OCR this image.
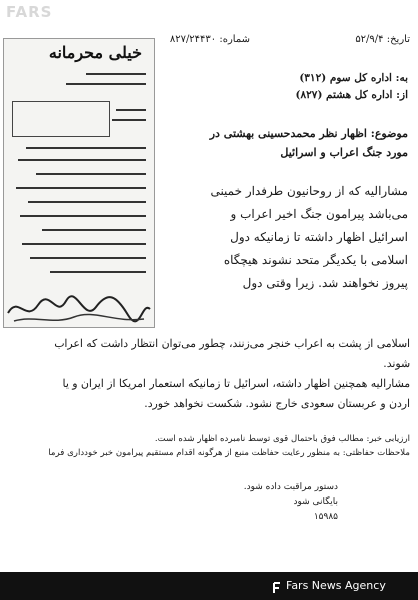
FARS
تاریخ: ۵۲/۹/۴
شماره: ۸۲۷/۲۴۴۳۰
به: اداره کل سوم (۳۱۲)
از: اداره کل هشتم (۸۲۷)
موضوع: اظهار نظر محمدحسینی بهشتی در
مورد جنگ اعراب و اسرائیل
مشارالیه که از روحانیون طرفدار خمینی
می‌باشد پیرامون جنگ اخیر اعراب و
اسرائیل اظهار داشته تا زمانیکه دول
اسلامی با یکدیگر متحد نشوند هیچگاه
پیروز نخواهند شد. زیرا وقتی دول
اسلامی از پشت به اعراب خنجر می‌زنند، چطور می‌توان انتظار داشت که اعراب
شوند.
مشارالیه همچنین اظهار داشته، اسرائیل تا زمانیکه استعمار امریکا از ایران و یا
اردن و عربستان سعودی خارج نشود. شکست نخواهد خورد.
ارزیابی خبر: مطالب فوق باحتمال قوی توسط نامبرده اظهار شده است.
ملاحظات حفاظتی: به منظور رعایت حفاظت منبع از هرگونه اقدام مستقیم پیرامون خبر خودداری فرما
دستور مراقبت داده شود.
بایگانی شود
۱۵۹۸۵
خیلی محرمانه
Fars News Agency
